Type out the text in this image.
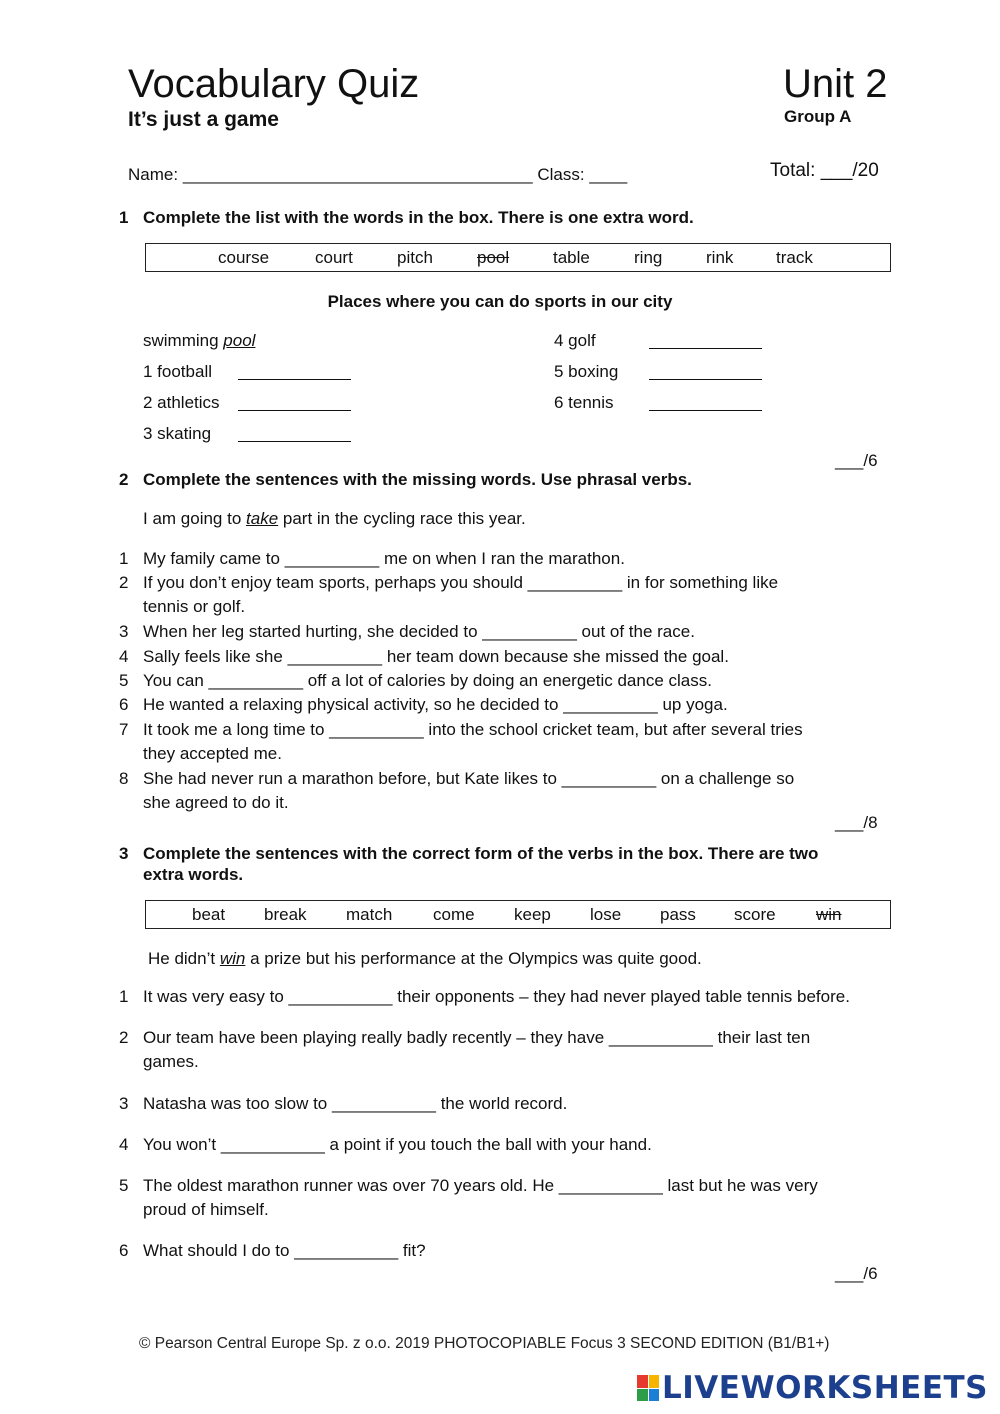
Vocabulary Quiz
It’s just a game
Unit 2
Group A
Name: _____________________________________ Class: ____	Total: ___/20
1 Complete the list with the words in the box. There is one extra word.
course	court	pitch	pool	table	ring	rink	track
Places where you can do sports in our city
swimming pool
1 football
2 athletics
3 skating
4 golf
5 boxing
6 tennis
___/6
2 Complete the sentences with the missing words. Use phrasal verbs.
I am going to take part in the cycling race this year.
1 My family came to __________ me on when I ran the marathon.
2 If you don’t enjoy team sports, perhaps you should __________ in for something like
tennis or golf.
3 When her leg started hurting, she decided to __________ out of the race.
4 Sally feels like she __________ her team down because she missed the goal.
5 You can __________ off a lot of calories by doing an energetic dance class.
6 He wanted a relaxing physical activity, so he decided to __________ up yoga.
7 It took me a long time to __________ into the school cricket team, but after several tries
they accepted me.
8 She had never run a marathon before, but Kate likes to __________ on a challenge so
she agreed to do it.
___/8
3 Complete the sentences with the correct form of the verbs in the box. There are two
extra words.
beat break match come keep lose pass score win
He didn’t win a prize but his performance at the Olympics was quite good.
1 It was very easy to ___________ their opponents – they had never played table tennis before.
2 Our team have been playing really badly recently – they have ___________ their last ten
games.
3 Natasha was too slow to ___________ the world record.
4 You won’t ___________ a point if you touch the ball with your hand.
5 The oldest marathon runner was over 70 years old. He ___________ last but he was very
proud of himself.
6 What should I do to ___________ fit?
___/6
© Pearson Central Europe Sp. z o.o. 2019 PHOTOCOPIABLE Focus 3 SECOND EDITION (B1/B1+)
LIVEWORKSHEETS
